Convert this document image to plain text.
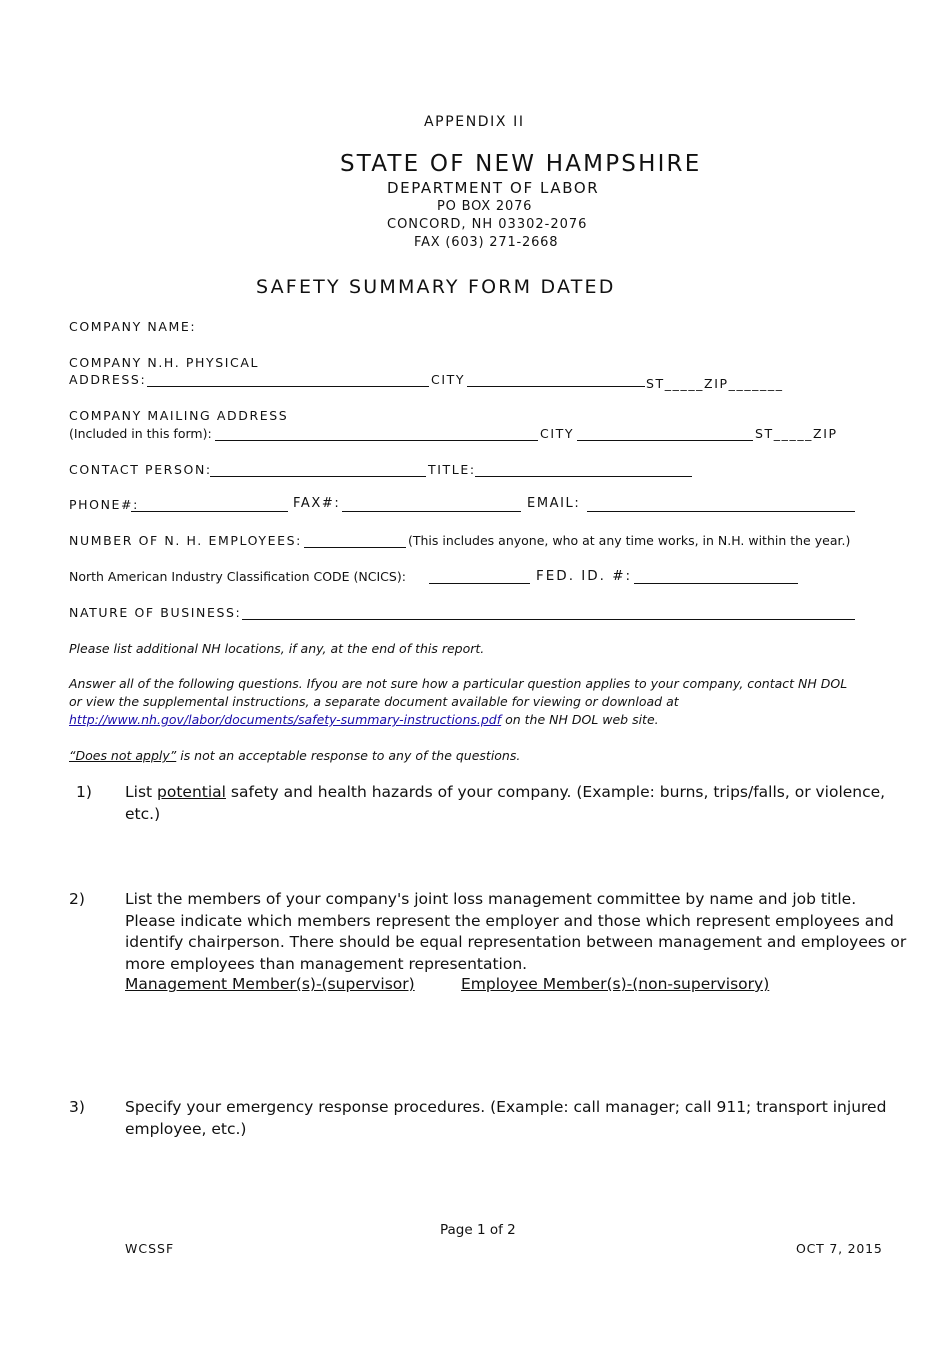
APPENDIX II
STATE OF NEW HAMPSHIRE
DEPARTMENT OF LABOR
PO BOX 2076
CONCORD, NH 03302-2076
FAX (603) 271-2668
SAFETY SUMMARY FORM DATED
COMPANY NAME:
COMPANY N.H. PHYSICAL
ADDRESS:	CITY	ST_____ZIP_______
COMPANY MAILING ADDRESS
(Included in this form):	CITY	ST_____ZIP
CONTACT PERSON:	TITLE:
PHONE#:	FAX#:	EMAIL:
NUMBER OF N. H. EMPLOYEES:	(This includes anyone, who at any time works, in N.H. within the year.)
North American Industry Classification CODE (NCICS):	FED. ID. #:
NATURE OF BUSINESS:
Please list additional NH locations, if any, at the end of this report.
Answer all of the following questions. Ifyou are not sure how a particular question applies to your company, contact NH DOL
or view the supplemental instructions, a separate document available for viewing or download at
http://www.nh.gov/labor/documents/safety-summary-instructions.pdf on the NH DOL web site.
“Does not apply” is not an acceptable response to any of the questions.
1) List potential safety and health hazards of your company. (Example: burns, trips/falls, or violence,
etc.)
2)	List the members of your company's joint loss management committee by name and job title.
Please indicate which members represent the employer and those which represent employees and
identify chairperson. There should be equal representation between management and employees or
more employees than management representation.
Management Member(s)-(supervisor)	Employee Member(s)-(non-supervisory)
3)	Specify your emergency response procedures. (Example: call manager; call 911; transport injured
employee, etc.)
Page 1 of 2
WCSSF	OCT 7, 2015
